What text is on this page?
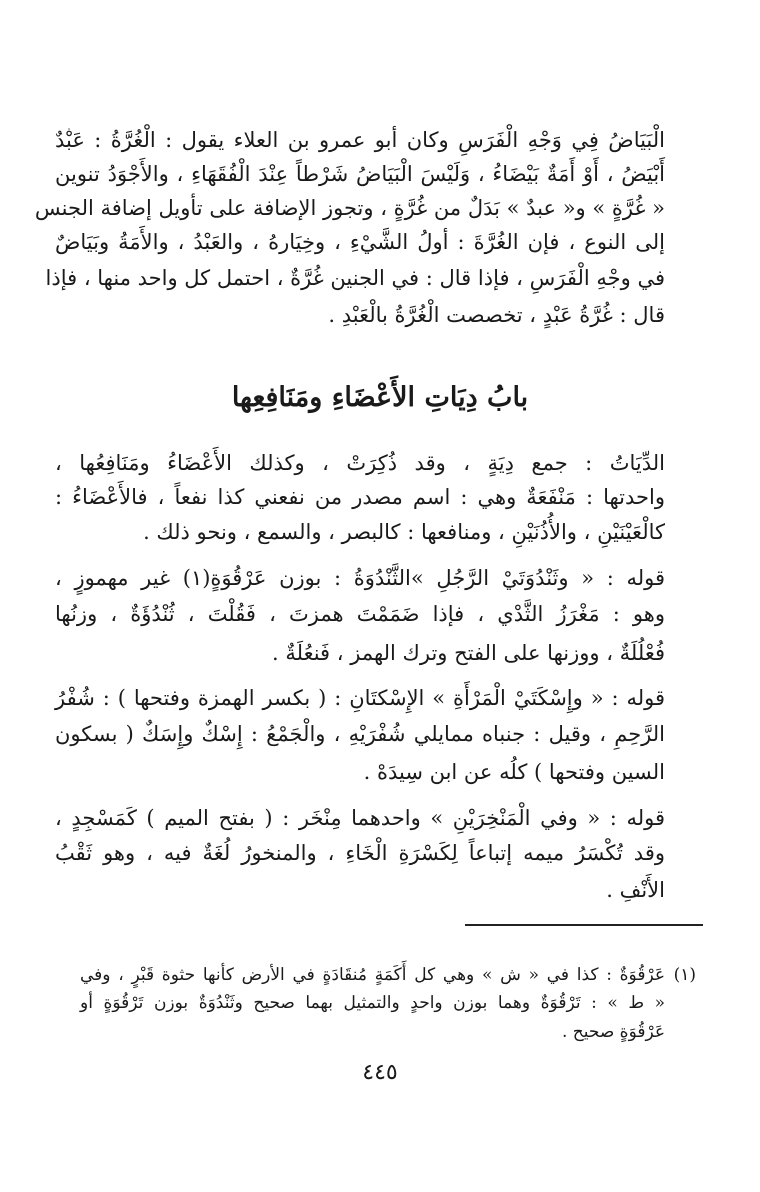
الْبَيَاضُ فِي وَجْهِ الْفَرَسِ وكان أبو عمرو بن العلاء يقول : الْغُرَّةُ : عَبْدٌ
أَبْيَضُ ، أَوْ أَمَةٌ بَيْضَاءُ ، وَلَيْسَ الْبَيَاضُ شَرْطاً عِنْدَ الْفُقَهَاءِ ، والأَجْوَدُ تنوين
« غُرَّةٍ » و« عبدٌ » بَدَلٌ من غُرَّةٍ ، وتجوز الإضافة على تأويل إضافة الجنس
إلى النوع ، فإن الغُرَّةَ : أولُ الشَّيْءِ ، وخِيَارهُ ، والعَبْدُ ، والأَمَةُ وبَيَاضٌ
في وجْهِ الْفَرَسِ ، فإذا قال : في الجنين غُرَّةٌ ، احتمل كل واحد منها ، فإذا
قال : غُرَّةُ عَبْدٍ ، تخصصت الْغُرَّةُ بالْعَبْدِ .
بابُ دِيَاتِ الأَعْضَاءِ ومَنَافِعِها
الدِّيَاتُ : جمع دِيَةٍ ، وقد ذُكِرَتْ ، وكذلك الأَعْضَاءُ ومَنَافِعُها ،
واحدتها : مَنْفَعَةٌ وهي : اسم مصدر من نفعني كذا نفعاً ، فالأَعْضَاءُ :
كالْعَيْنَيْنِ ، والأُذُنَيْنِ ، ومنافعها : كالبصر ، والسمع ، ونحو ذلك .
قوله : « وثَنْدُوَتَيْ الرَّجُلِ »الثَّنْدُوَةُ : بوزن عَرْقُوَةٍ(١) غير مهموزٍ ،
وهو : مَغْرَزُ الثَّدْي ، فإذا ضَمَمْتَ همزتَ ، فَقُلْتَ ، ثُنْدُؤَةٌ ، وزنُها
فُعْلُلَةٌ ، ووزنها على الفتح وترك الهمز ، فَنعُلَةٌ .
قوله : « وإِسْكَتَيْ الْمَرْأَةِ » الإِسْكتَانِ : ( بكسر الهمزة وفتحها ) : شُفْرُ
الرَّحِمِ ، وقيل : جنباه ممايلي شُفْرَيْهِ ، والْجَمْعُ : إِسْكٌ وإِسَكٌ ( بسكون
السين وفتحها ) كلُه عن ابن سِيدَهْ .
قوله : « وفي الْمَنْخِرَيْنِ » واحدهما مِنْخَر : ( بفتح الميم ) كَمَسْجِدٍ ،
وقد تُكْسَرُ ميمه إتباعاً لِكَسْرَةِ الْخَاءِ ، والمنخورُ لُغَةٌ فيه ، وهو ثَقْبُ
الأَنْفِ .
(١)
عَرْقُوَةٌ : كذا في « ش » وهي كل أَكَمَةٍ مُنقَادَةٍ في الأرض كأنها حثوة قَبْرٍ ، وفي
« ط » : تَرْقُوَةٌ وهما بوزن واحدٍ والتمثيل بهما صحيح وثَنْدُوَةٌ بوزن تَرْقُوَةٍ أو
عَرْقُوَةٍ صحيح .
٤٤٥
